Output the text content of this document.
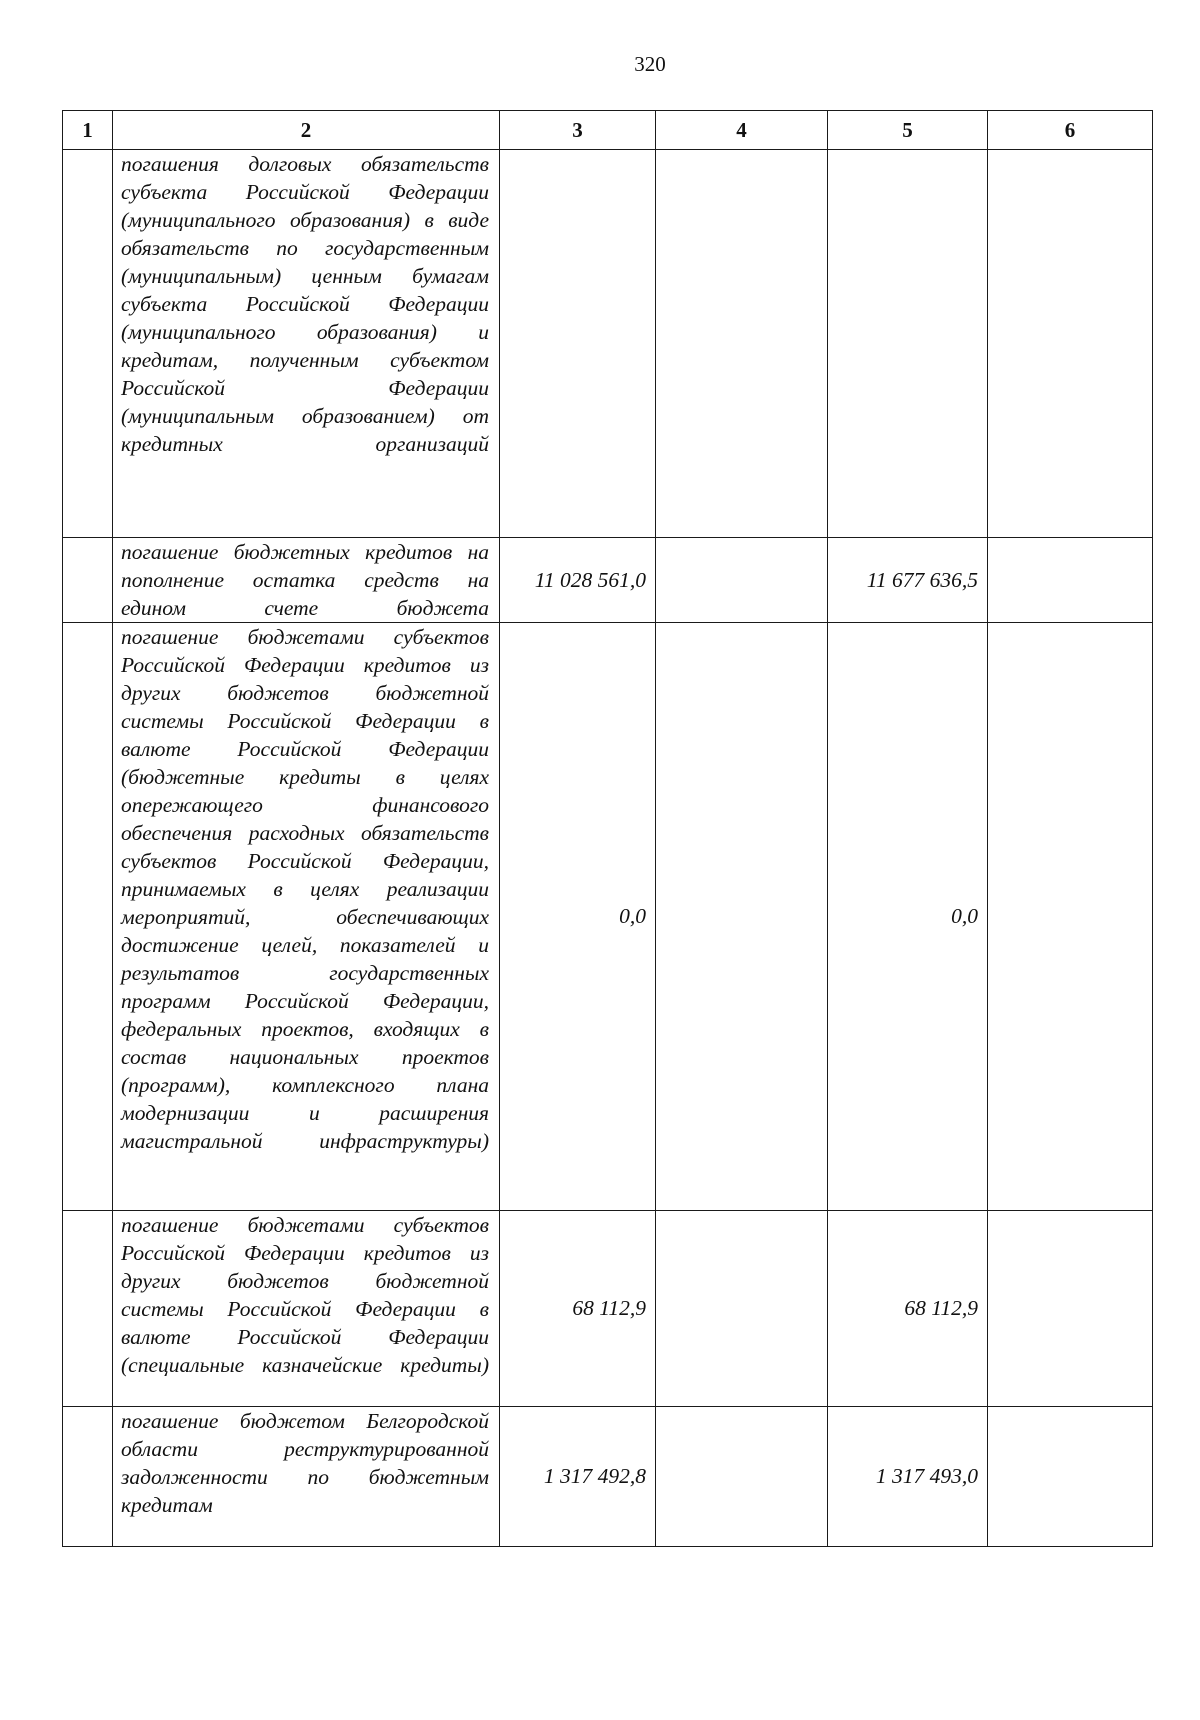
320
1	2	3	4	5	6
	погашения долговых обязательств субъекта Российской Федерации (муниципального образования) в виде обязательств по государственным (муниципальным) ценным бумагам субъекта Российской Федерации (муниципального образования) и кредитам, полученным субъектом Российской Федерации (муниципальным образованием) от кредитных организаций				
	погашение бюджетных кредитов на пополнение остатка средств на едином счете бюджета	11 028 561,0		11 677 636,5	
	погашение бюджетами субъектов Российской Федерации кредитов из других бюджетов бюджетной системы Российской Федерации в валюте Российской Федерации (бюджетные кредиты в целях опережающего финансового обеспечения расходных обязательств субъектов Российской Федерации, принимаемых в целях реализации мероприятий, обеспечивающих достижение целей, показателей и результатов государственных программ Российской Федерации, федеральных проектов, входящих в состав национальных проектов (программ), комплексного плана модернизации и расширения магистральной инфраструктуры)	0,0		0,0	
	погашение бюджетами субъектов Российской Федерации кредитов из других бюджетов бюджетной системы Российской Федерации в валюте Российской Федерации (специальные казначейские кредиты)	68 112,9		68 112,9	
	погашение бюджетом Белгородской области реструктурированной задолженности по бюджетным кредитам	1 317 492,8		1 317 493,0	
